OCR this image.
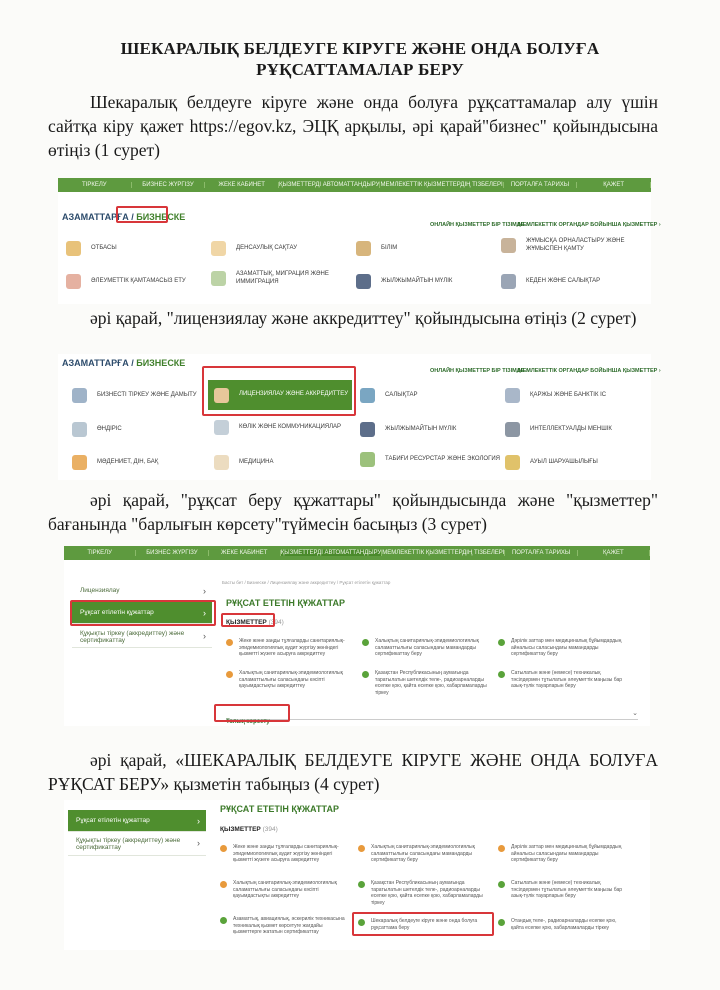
ШЕКАРАЛЫҚ БЕЛДЕУГЕ КІРУГЕ ЖӘНЕ ОНДА БОЛУҒА
РҰҚСАТТАМАЛАР БЕРУ

Шекаралық белдеуге кіруге және онда болуға рұқсаттамалар алу үшін сайтқа кіру қажет https://egov.kz, ЭЦҚ арқылы, әрі қарай"бизнес" қойындысына өтіңіз (1 сурет)

ТІРКЕЛУ	БИЗНЕС ЖҮРГІЗУ	ЖЕКЕ КАБИНЕТ	ҚЫЗМЕТТЕРДІ АВТОМАТТАНДЫРУ МЕМЛЕКЕТТІК ҚЫЗМЕТТЕРДІҢ ТІЗБЕЛЕРІ	ПОРТАЛҒА ТАРИХЫ	ҚАЖЕТ
АЗАМАТТАРҒА / БИЗНЕСКЕ
ОНЛАЙН ҚЫЗМЕТТЕР БІР ТІЗІМДЕ ›
МЕМЛЕКЕТТІК ОРГАНДАР БОЙЫНША ҚЫЗМЕТТЕР ›
ОТБАСЫ	ДЕНСАУЛЫҚ САҚТАУ	БІЛІМ
ЖҰМЫСҚА ОРНАЛАСТЫРУ ЖӘНЕ ЖҰМЫСПЕН ҚАМТУ
ӘЛЕУМЕТТІК ҚАМТАМАСЫЗ ЕТУ
АЗАМАТТЫҚ, МИГРАЦИЯ ЖӘНЕ ИММИГРАЦИЯ	ЖЫЛЖЫМАЙТЫН МҮЛІК	КЕДЕН ЖӘНЕ САЛЫҚТАР

әрі қарай, "лицензиялау және аккредиттеу" қойындысына өтіңіз (2 сурет)

АЗАМАТТАРҒА / БИЗНЕСКЕ
ОНЛАЙН ҚЫЗМЕТТЕР БІР ТІЗІМДЕ ›
МЕМЛЕКЕТТІК ОРГАНДАР БОЙЫНША ҚЫЗМЕТТЕР ›
БИЗНЕСТІ ТІРКЕУ ЖӘНЕ ДАМЫТУ	ЛИЦЕНЗИЯЛАУ ЖӘНЕ АККРЕДИТТЕУ	САЛЫҚТАР	ҚАРЖЫ ЖӘНЕ БАНКТІК ІС
ӨНДІРІС	КӨЛІК ЖӘНЕ КОММУНИКАЦИЯЛАР	ЖЫЛЖЫМАЙТЫН МҮЛІК	ИНТЕЛЛЕКТУАЛДЫ МЕНШІК
МӘДЕНИЕТ, ДІН, БАҚ	МЕДИЦИНА	ТАБИҒИ РЕСУРСТАР ЖӘНЕ ЭКОЛОГИЯ	АУЫЛ ШАРУАШЫЛЫҒЫ

әрі қарай, "рұқсат беру құжаттары" қойындысында және "қызметтер" бағанында "барлығын көрсету"түймесін басыңыз (3 сурет)

ТІРКЕЛУ	БИЗНЕС ЖҮРГІЗУ	ЖЕКЕ КАБИНЕТ	ҚЫЗМЕТТЕРДІ АВТОМАТТАНДЫРУ МЕМЛЕКЕТТІК ҚЫЗМЕТТЕРДІҢ ТІЗБЕЛЕРІ	ПОРТАЛҒА ТАРИХЫ	ҚАЖЕТ
Басты бет / Бизнеске / Лицензиялау және аккредиттеу / Рұқсат етілетін құжаттар
Лицензиялау	›
Рұқсат етілетін құжаттар	›
Құқықты тіркеу (аккредиттеу) және сертификаттау	›
РҰҚСАТ ЕТЕТІН ҚҰЖАТТАР
ҚЫЗМЕТТЕР (394)
Жеке және заңды тұлғаларды санитариялық-эпидемиологиялық аудит жүргізу жөніндегі қызметті жүзеге асыруға аккредиттеу
Халықтың санитариялық-эпидемиологиялық саламаттылығы саласындағы мамандарды сертификаттау беру
Дәрілік заттар мен медициналық бұйымдардың айналысы саласындағы мамандарды сертификаттау беру
Халықтың санитариялық-эпидемиологиялық саламаттылығы саласындағы кәсіпті қауымдастықты аккредиттеу
Қазақстан Республикасының аумағында таратылатын шетелдік теле-, радиоарналарды есепке қою, қайта есепке қою, хабарламаларды тіркеу
Сатылатын және (немесе) техникалық тәсілдермен тұтылатын әлеуметтік маңызы бар азық-түлік тауарларын беру
Толық көрсету
⌄

әрі қарай, «ШЕКАРАЛЫҚ БЕЛДЕУГЕ КІРУГЕ ЖӘНЕ ОНДА БОЛУҒА РҰҚСАТ БЕРУ» қызметін табыңыз (4 сурет)

Рұқсат етілетін құжаттар	›
Құқықты тіркеу (аккредиттеу) және сертификаттау	›
РҰҚСАТ ЕТЕТІН ҚҰЖАТТАР
ҚЫЗМЕТТЕР (394)
Жеке және заңды тұлғаларды санитариялық-эпидемиологиялық аудит жүргізу жөніндегі қызметті жүзеге асыруға аккредиттеу
Халықтың санитариялық-эпидемиологиялық саламаттылығы саласындағы мамандарды сертификаттау беру
Дәрілік заттар мен медициналық бұйымдардың айналысы саласындағы мамандарды сертификаттау беру
Халықтың санитариялық-эпидемиологиялық саламаттылығы саласындағы кәсіпті қауымдастықты аккредиттеу
Қазақстан Республикасының аумағында таратылатын шетелдік теле-, радиоарналарды есепке қою, қайта есепке қою, хабарламаларды тіркеу
Сатылатын және (немесе) техникалық тәсілдермен тұтылатын әлеуметтік маңызы бар азық-түлік тауарларын беру
Азаматтық, авиациялық, әскерилік техникасына техникалық қызмет көрсетуге жағдайы қызметтерге жататын сертификаттау
Шекаралық белдеуге кіруге және онда болуға рұқсаттама беру
Отандық теле-, радиоарналарды есепке қою, қайта есепке қою, хабарламаларды тіркеу
